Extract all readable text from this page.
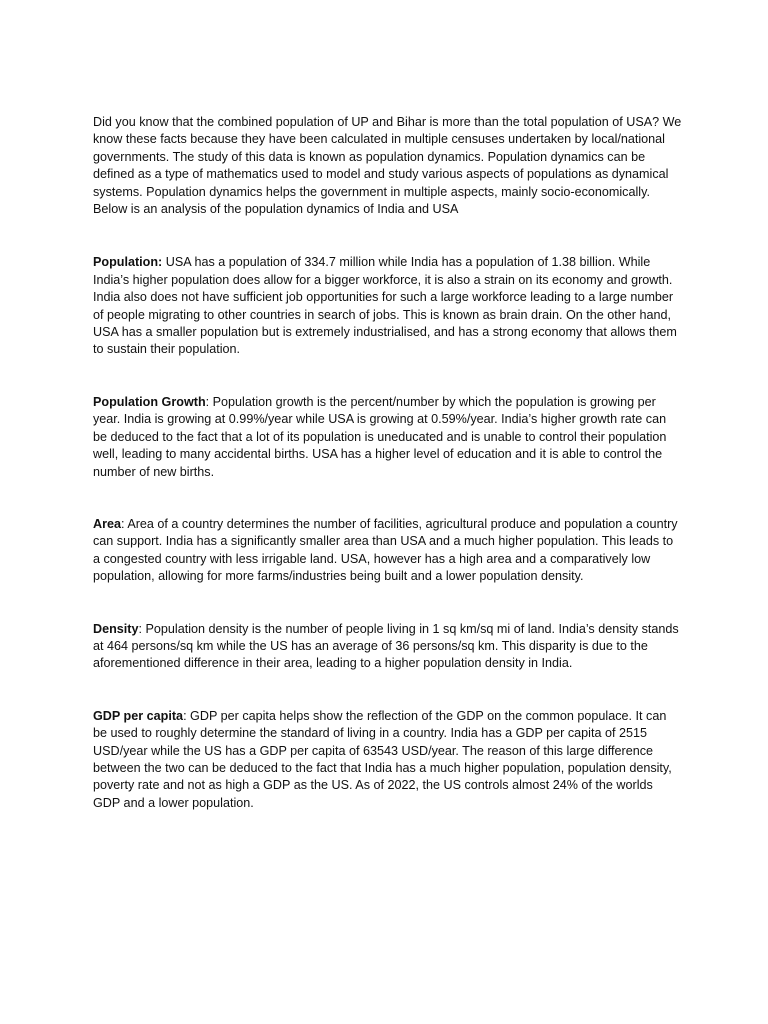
Did you know that the combined population of UP and Bihar is more than the total population of USA? We know these facts because they have been calculated in multiple censuses undertaken by local/national governments. The study of this data is known as population dynamics. Population dynamics can be defined as a type of mathematics used to model and study various aspects of populations as dynamical systems. Population dynamics helps the government in multiple aspects, mainly socio-economically. Below is an analysis of the population dynamics of India and USA

Population: USA has a population of 334.7 million while India has a population of 1.38 billion. While India’s higher population does allow for a bigger workforce, it is also a strain on its economy and growth. India also does not have sufficient job opportunities for such a large workforce leading to a large number of people migrating to other countries in search of jobs. This is known as brain drain. On the other hand, USA has a smaller population but is extremely industrialised, and has a strong economy that allows them to sustain their population.

Population Growth: Population growth is the percent/number by which the population is growing per year. India is growing at 0.99%/year while USA is growing at 0.59%/year. India’s higher growth rate can be deduced to the fact that a lot of its population is uneducated and is unable to control their population well, leading to many accidental births. USA has a higher level of education and it is able to control the number of new births.

Area: Area of a country determines the number of facilities, agricultural produce and population a country can support. India has a significantly smaller area than USA and a much higher population. This leads to a congested country with less irrigable land. USA, however has a high area and a comparatively low population, allowing for more farms/industries being built and a lower population density.

Density: Population density is the number of people living in 1 sq km/sq mi of land. India’s density stands at 464 persons/sq km while the US has an average of 36 persons/sq km. This disparity is due to the aforementioned difference in their area, leading to a higher population density in India.

GDP per capita: GDP per capita helps show the reflection of the GDP on the common populace. It can be used to roughly determine the standard of living in a country. India has a GDP per capita of 2515 USD/year while the US has a GDP per capita of 63543 USD/year. The reason of this large difference between the two can be deduced to the fact that India has a much higher population, population density, poverty rate and not as high a GDP as the US. As of 2022, the US controls almost 24% of the worlds GDP and a lower population.
